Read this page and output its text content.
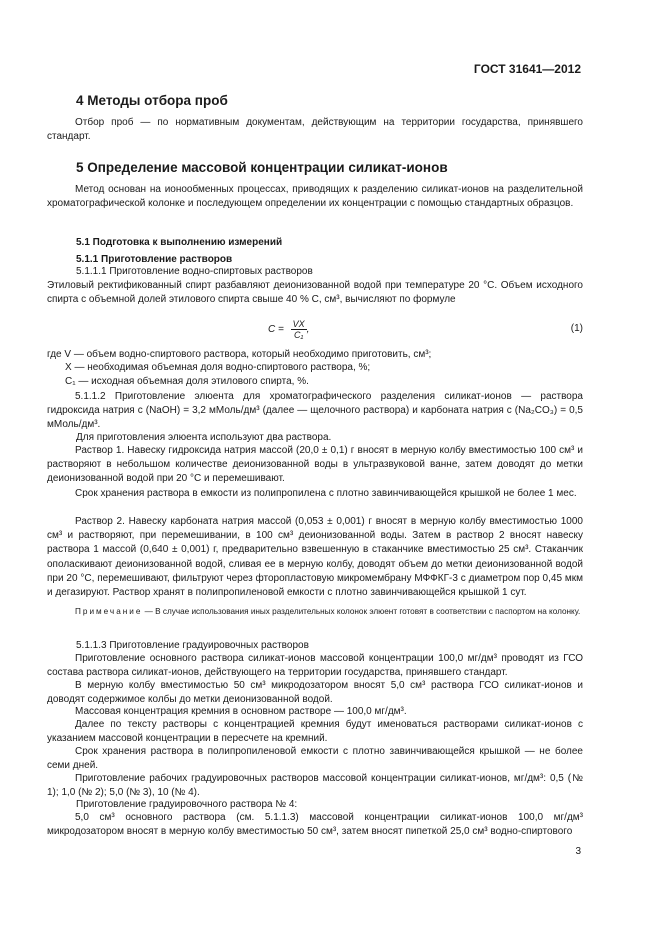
ГОСТ 31641—2012
4 Методы отбора проб

Отбор проб — по нормативным документам, действующим на территории государства, принявшего стандарт.

5 Определение массовой концентрации силикат-ионов

Метод основан на ионообменных процессах, приводящих к разделению силикат-ионов на разделительной хроматографической колонке и последующем определении их концентрации с помощью стандартных образцов.

5.1 Подготовка к выполнению измерений
5.1.1 Приготовление растворов
5.1.1.1 Приготовление водно-спиртовых растворов

Этиловый ректификованный спирт разбавляют деионизованной водой при температуре 20 °С. Объем исходного спирта с объемной долей этилового спирта свыше 40 % C, см³, вычисляют по формуле

$C = \frac{VX}{\text{C₁}}$ ,	(1)
где V — объем водно-спиртового раствора, который необходимо приготовить, см³;
X — необходимая объемная доля водно-спиртового раствора, %;
C₁ — исходная объемная доля этилового спирта, %.

5.1.1.2 Приготовление элюента для хроматографического разделения силикат-ионов — раствора гидроксида натрия c (NaOH) = 3,2 мМоль/дм³ (далее — щелочного раствора) и карбоната натрия c (Na₂CO₃) = 0,5 мМоль/дм³.

Для приготовления элюента используют два раствора.

Раствор 1. Навеску гидроксида натрия массой (20,0 ± 0,1) г вносят в мерную колбу вместимостью 100 см³ и растворяют в небольшом количестве деионизованной воды в ультразвуковой ванне, затем доводят до метки деионизованной водой при 20 °С и перемешивают.

Срок хранения раствора в емкости из полипропилена с плотно завинчивающейся крышкой не более 1 мес.

Раствор 2. Навеску карбоната натрия массой (0,053 ± 0,001) г вносят в мерную колбу вместимостью 1000 см³ и растворяют, при перемешивании, в 100 см³ деионизованной воды. Затем в раствор 2 вносят навеску раствора 1 массой (0,640 ± 0,001) г, предварительно взвешенную в стаканчике вместимостью 25 см³. Стаканчик ополаскивают деионизованной водой, сливая ее в мерную колбу, доводят объем до метки деионизованной водой при 20 °С, перемешивают, фильтруют через фторопластовую микромембрану МФФКГ-3 с диаметром пор 0,45 мкм и дегазируют. Раствор хранят в полипропиленовой емкости с плотно завинчивающейся крышкой 1 сут.

Примечание — В случае использования иных разделительных колонок элюент готовят в соответствии с паспортом на колонку.

5.1.1.3 Приготовление градуировочных растворов

Приготовление основного раствора силикат-ионов массовой концентрации 100,0 мг/дм³ проводят из ГСО состава раствора силикат-ионов, действующего на территории государства, принявшего стандарт.

В мерную колбу вместимостью 50 см³ микродозатором вносят 5,0 см³ раствора ГСО силикат-ионов и доводят содержимое колбы до метки деионизованной водой.

Массовая концентрация кремния в основном растворе — 100,0 мг/дм³.

Далее по тексту растворы с концентрацией кремния будут именоваться растворами силикат-ионов с указанием массовой концентрации в пересчете на кремний.

Срок хранения раствора в полипропиленовой емкости с плотно завинчивающейся крышкой — не более семи дней.

Приготовление рабочих градуировочных растворов массовой концентрации силикат-ионов, мг/дм³: 0,5 (№ 1); 1,0 (№ 2); 5,0 (№ 3), 10 (№ 4).

Приготовление градуировочного раствора № 4:

5,0 см³ основного раствора (см. 5.1.1.3) массовой концентрации силикат-ионов 100,0 мг/дм³ микродозатором вносят в мерную колбу вместимостью 50 см³, затем вносят пипеткой 25,0 см³ водно-спиртового

3
